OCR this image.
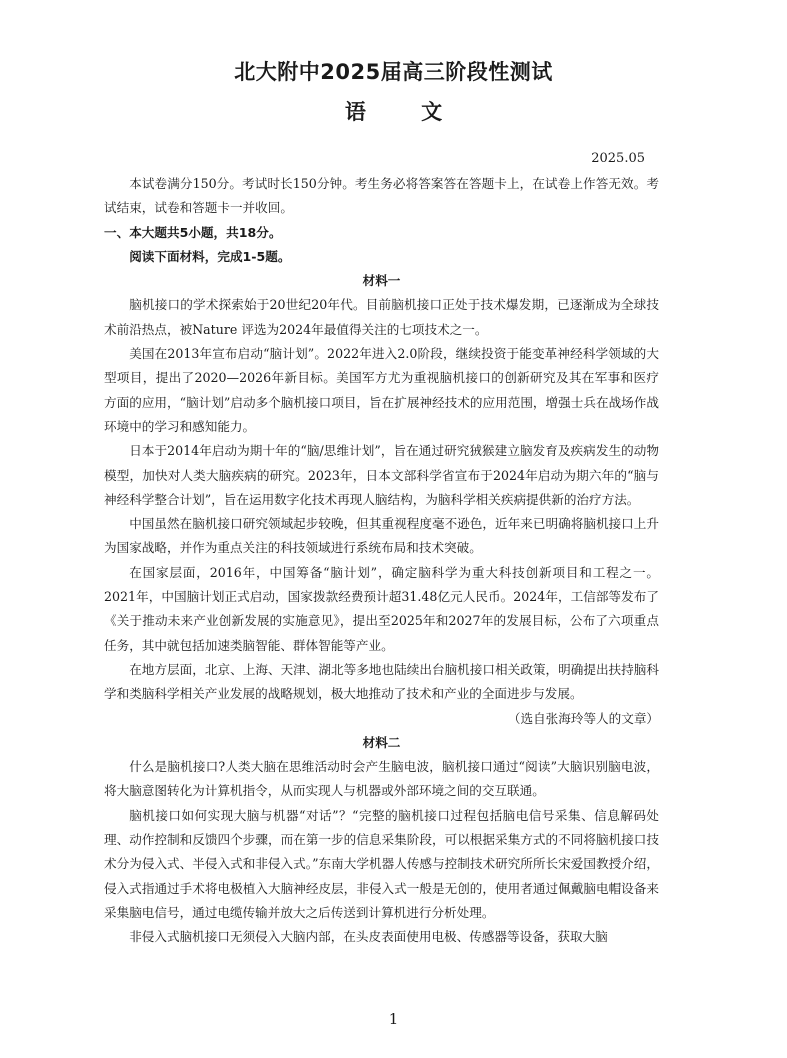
北大附中2025届高三阶段性测试
语 文
2025.05

本试卷满分150分。考试时长150分钟。考生务必将答案答在答题卡上，在试卷上作答无效。考试结束，试卷和答题卡一并收回。

一、本大题共5小题，共18分。

阅读下面材料，完成1-5题。

材料一

脑机接口的学术探索始于20世纪20年代。目前脑机接口正处于技术爆发期，已逐渐成为全球技术前沿热点，被Nature 评选为2024年最值得关注的七项技术之一。

美国在2013年宣布启动“脑计划”。2022年进入2.0阶段，继续投资于能变革神经科学领域的大型项目，提出了2020—2026年新目标。美国军方尤为重视脑机接口的创新研究及其在军事和医疗方面的应用，“脑计划”启动多个脑机接口项目，旨在扩展神经技术的应用范围，增强士兵在战场作战环境中的学习和感知能力。

日本于2014年启动为期十年的“脑/思维计划”，旨在通过研究狨猴建立脑发育及疾病发生的动物模型，加快对人类大脑疾病的研究。2023年，日本文部科学省宣布于2024年启动为期六年的“脑与神经科学整合计划”，旨在运用数字化技术再现人脑结构，为脑科学相关疾病提供新的治疗方法。

中国虽然在脑机接口研究领域起步较晚，但其重视程度毫不逊色，近年来已明确将脑机接口上升为国家战略，并作为重点关注的科技领域进行系统布局和技术突破。

在国家层面，2016年，中国筹备“脑计划”，确定脑科学为重大科技创新项目和工程之一。2021年，中国脑计划正式启动，国家拨款经费预计超31.48亿元人民币。2024年，工信部等发布了《关于推动未来产业创新发展的实施意见》，提出至2025年和2027年的发展目标，公布了六项重点任务，其中就包括加速类脑智能、群体智能等产业。

在地方层面，北京、上海、天津、湖北等多地也陆续出台脑机接口相关政策，明确提出扶持脑科学和类脑科学相关产业发展的战略规划，极大地推动了技术和产业的全面进步与发展。

（选自张海玲等人的文章）
材料二

什么是脑机接口?人类大脑在思维活动时会产生脑电波，脑机接口通过“阅读”大脑识别脑电波，将大脑意图转化为计算机指令，从而实现人与机器或外部环境之间的交互联通。

脑机接口如何实现大脑与机器“对话”？“完整的脑机接口过程包括脑电信号采集、信息解码处理、动作控制和反馈四个步骤，而在第一步的信息采集阶段，可以根据采集方式的不同将脑机接口技术分为侵入式、半侵入式和非侵入式。”东南大学机器人传感与控制技术研究所所长宋爱国教授介绍，侵入式指通过手术将电极植入大脑神经皮层，非侵入式一般是无创的，使用者通过佩戴脑电帽设备来采集脑电信号，通过电缆传输并放大之后传送到计算机进行分析处理。

非侵入式脑机接口无须侵入大脑内部，在头皮表面使用电极、传感器等设备，获取大脑

1
